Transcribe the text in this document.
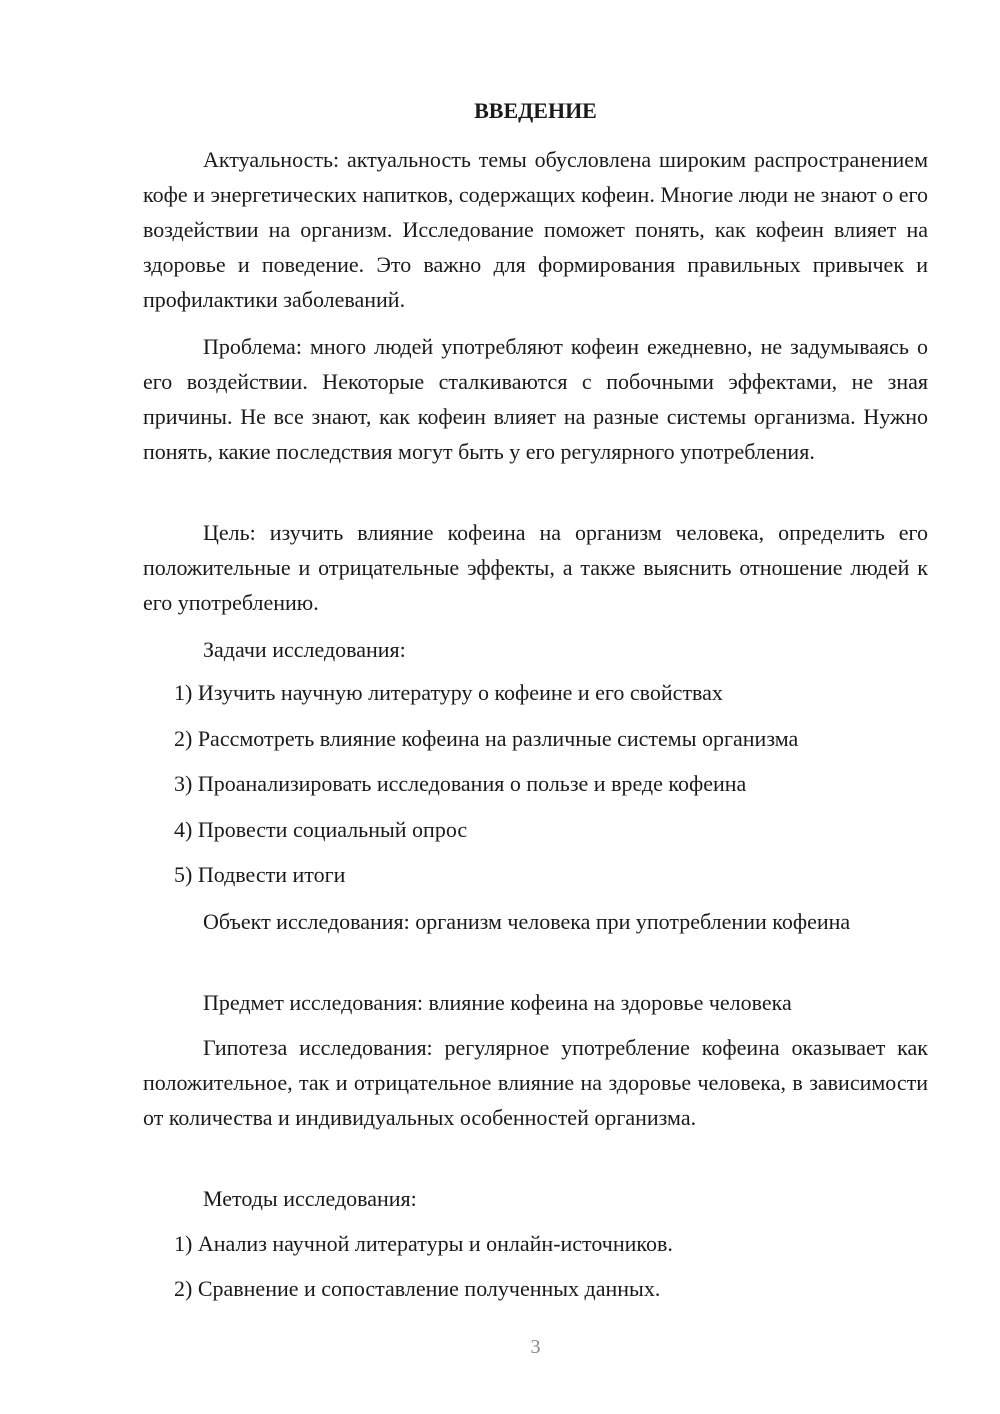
ВВЕДЕНИЕ

Актуальность: актуальность темы обусловлена широким распространением кофе и энергетических напитков, содержащих кофеин. Многие люди не знают о его воздействии на организм. Исследование поможет понять, как кофеин влияет на здоровье и поведение. Это важно для формирования правильных привычек и профилактики заболеваний.

Проблема: много людей употребляют кофеин ежедневно, не задумываясь о его воздействии. Некоторые сталкиваются с побочными эффектами, не зная причины. Не все знают, как кофеин влияет на разные системы организма. Нужно понять, какие последствия могут быть у его регулярного употребления.

Цель: изучить влияние кофеина на организм человека, определить его положительные и отрицательные эффекты, а также выяснить отношение людей к его употреблению.

Задачи исследования:

1) Изучить научную литературу о кофеине и его свойствах

2) Рассмотреть влияние кофеина на различные системы организма

3) Проанализировать исследования о пользе и вреде кофеина

4) Провести социальный опрос

5) Подвести итоги

Объект исследования: организм человека при употреблении кофеина

Предмет исследования: влияние кофеина на здоровье человека

Гипотеза исследования: регулярное употребление кофеина оказывает как положительное, так и отрицательное влияние на здоровье человека, в зависимости от количества и индивидуальных особенностей организма.

Методы исследования:

1) Анализ научной литературы и онлайн-источников.

2) Сравнение и сопоставление полученных данных.

3
